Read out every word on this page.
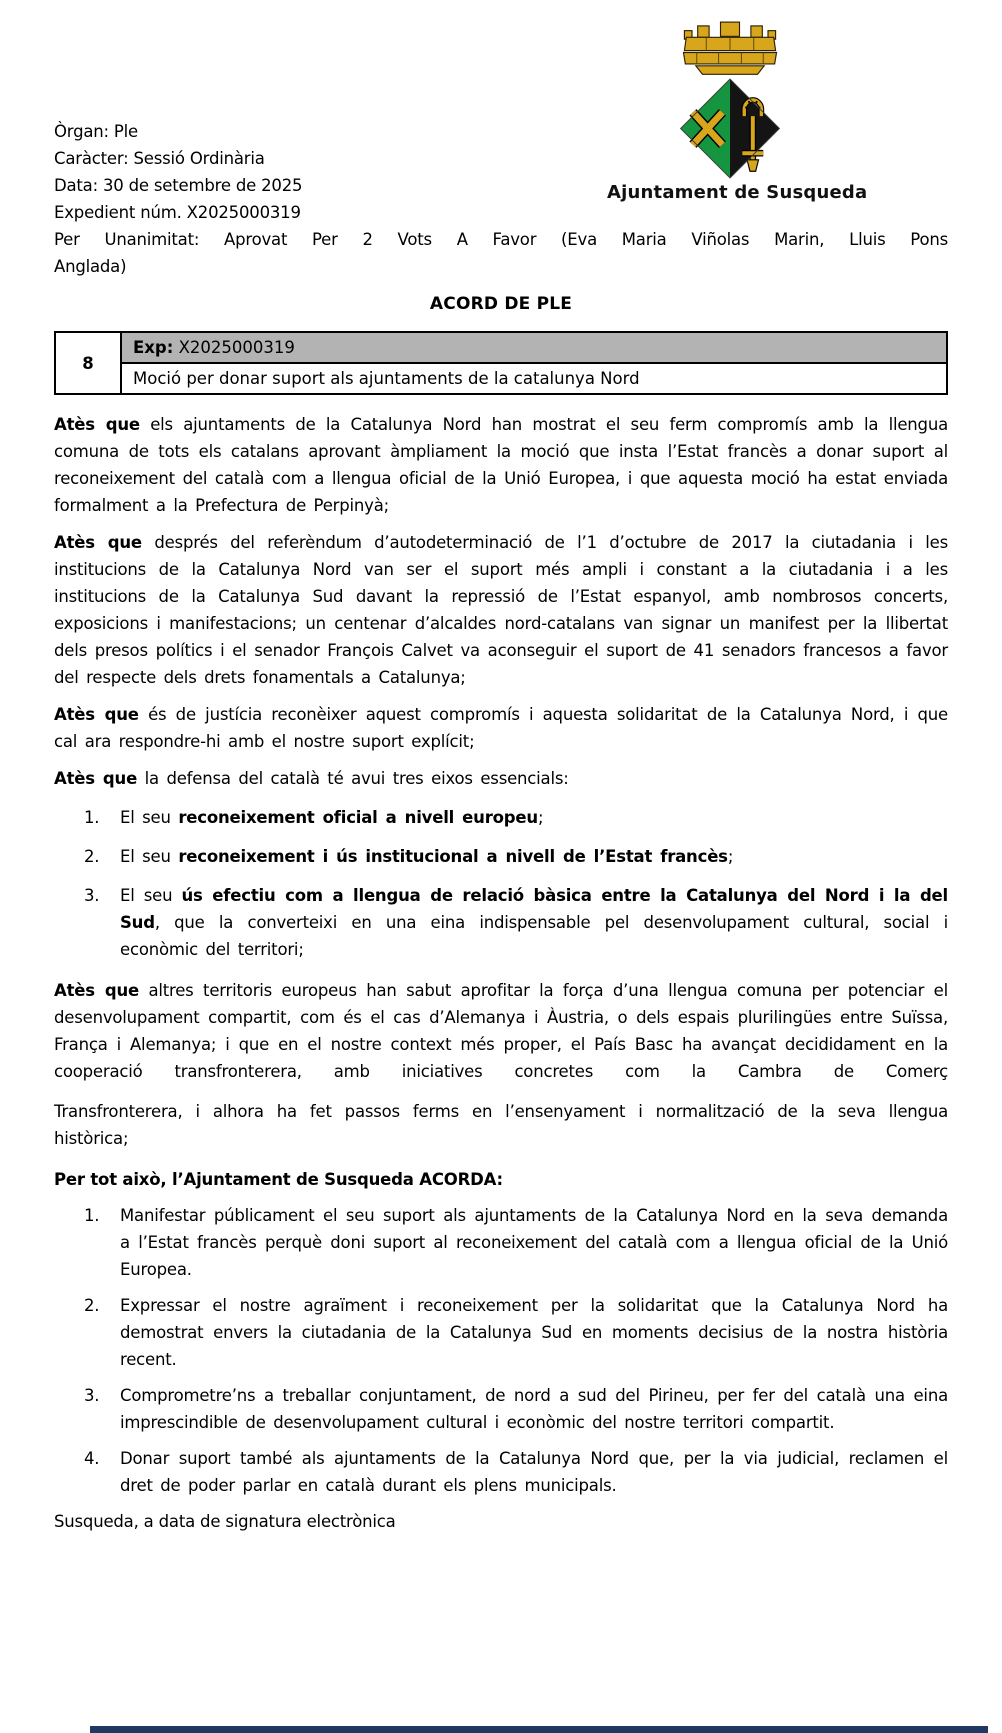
Ajuntament de Susqueda

Òrgan: Ple

Caràcter: Sessió Ordinària

Data: 30 de setembre de 2025

Expedient núm. X2025000319

Per Unanimitat: Aprovat Per 2 Vots A Favor (Eva Maria Viñolas Marin, Lluis Pons

Anglada)

ACORD DE PLE
8	Exp: X2025000319
Moció per donar suport als ajuntaments de la catalunya Nord

Atès que els ajuntaments de la Catalunya Nord han mostrat el seu ferm compromís amb la llengua comuna de tots els catalans aprovant àmpliament la moció que insta l’Estat francès a donar suport al reconeixement del català com a llengua oficial de la Unió Europea, i que aquesta moció ha estat enviada formalment a la Prefectura de Perpinyà;

Atès que després del referèndum d’autodeterminació de l’1 d’octubre de 2017 la ciutadania i les institucions de la Catalunya Nord van ser el suport més ampli i constant a la ciutadania i a les institucions de la Catalunya Sud davant la repressió de l’Estat espanyol, amb nombrosos concerts, exposicions i manifestacions; un centenar d’alcaldes nord-catalans van signar un manifest per la llibertat dels presos polítics i el senador François Calvet va aconseguir el suport de 41 senadors francesos a favor del respecte dels drets fonamentals a Catalunya;

Atès que és de justícia reconèixer aquest compromís i aquesta solidaritat de la Catalunya Nord, i que cal ara respondre-hi amb el nostre suport explícit;

Atès que la defensa del català té avui tres eixos essencials:

1.	El seu reconeixement oficial a nivell europeu;
2.	El seu reconeixement i ús institucional a nivell de l’Estat francès;
3.	El seu ús efectiu com a llengua de relació bàsica entre la Catalunya del Nord i la del Sud, que la converteixi en una eina indispensable pel desenvolupament cultural, social i econòmic del territori;

Atès que altres territoris europeus han sabut aprofitar la força d’una llengua comuna per potenciar el desenvolupament compartit, com és el cas d’Alemanya i Àustria, o dels espais plurilingües entre Suïssa, França i Alemanya; i que en el nostre context més proper, el País Basc ha avançat decididament en la cooperació transfronterera, amb iniciatives concretes com la Cambra de Comerç

Transfronterera, i alhora ha fet passos ferms en l’ensenyament i normalització de la seva llengua històrica;

Per tot això, l’Ajuntament de Susqueda ACORDA:

1.	Manifestar públicament el seu suport als ajuntaments de la Catalunya Nord en la seva demanda a l’Estat francès perquè doni suport al reconeixement del català com a llengua oficial de la Unió Europea.
2.	Expressar el nostre agraïment i reconeixement per la solidaritat que la Catalunya Nord ha demostrat envers la ciutadania de la Catalunya Sud en moments decisius de la nostra història recent.
3.	Comprometre’ns a treballar conjuntament, de nord a sud del Pirineu, per fer del català una eina imprescindible de desenvolupament cultural i econòmic del nostre territori compartit.
4.	Donar suport també als ajuntaments de la Catalunya Nord que, per la via judicial, reclamen el dret de poder parlar en català durant els plens municipals.

Susqueda, a data de signatura electrònica
